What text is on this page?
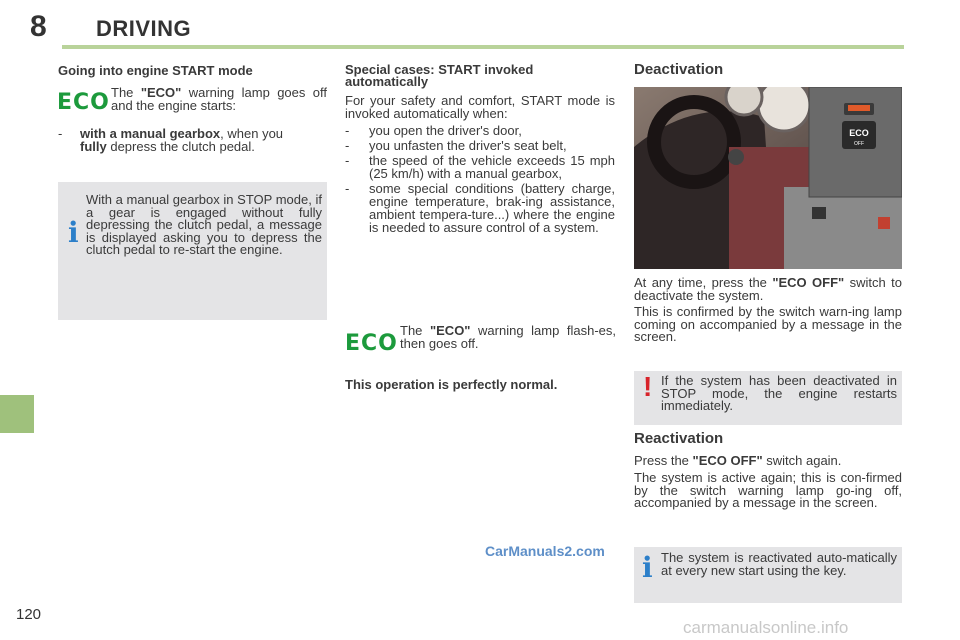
8 DRIVING
120
Going into engine START mode
ECO The "ECO" warning lamp goes off and the engine starts:
-	with a manual gearbox, when you
fully depress the clutch pedal.
i
With a manual gearbox in STOP mode, if a gear is engaged without fully depressing the clutch pedal, a message is displayed asking you to depress the clutch pedal to re-start the engine.
Special cases: START invoked automatically
For your safety and comfort, START mode is invoked automatically when:
-	you open the driver's door,
-	you unfasten the driver's seat belt,
-	the speed of the vehicle exceeds 15 mph (25 km/h) with a manual gearbox,
-	some special conditions (battery charge, engine temperature, brak-ing assistance, ambient tempera-ture...) where the engine is needed to assure control of a system.
ECO
The "ECO" warning lamp flash-es, then goes off.
This operation is perfectly normal.
Deactivation
ECO
OFF
At any time, press the "ECO OFF" switch to deactivate the system.
This is confirmed by the switch warn-ing lamp coming on accompanied by a message in the screen.
! If the system has been deactivated in STOP mode, the engine restarts immediately.
Reactivation
Press the "ECO OFF" switch again.
The system is active again; this is con-firmed by the switch warning lamp go-ing off, accompanied by a message in the screen.
i The system is reactivated auto-matically at every new start using the key.
CarManuals2.com
carmanualsonline.info
